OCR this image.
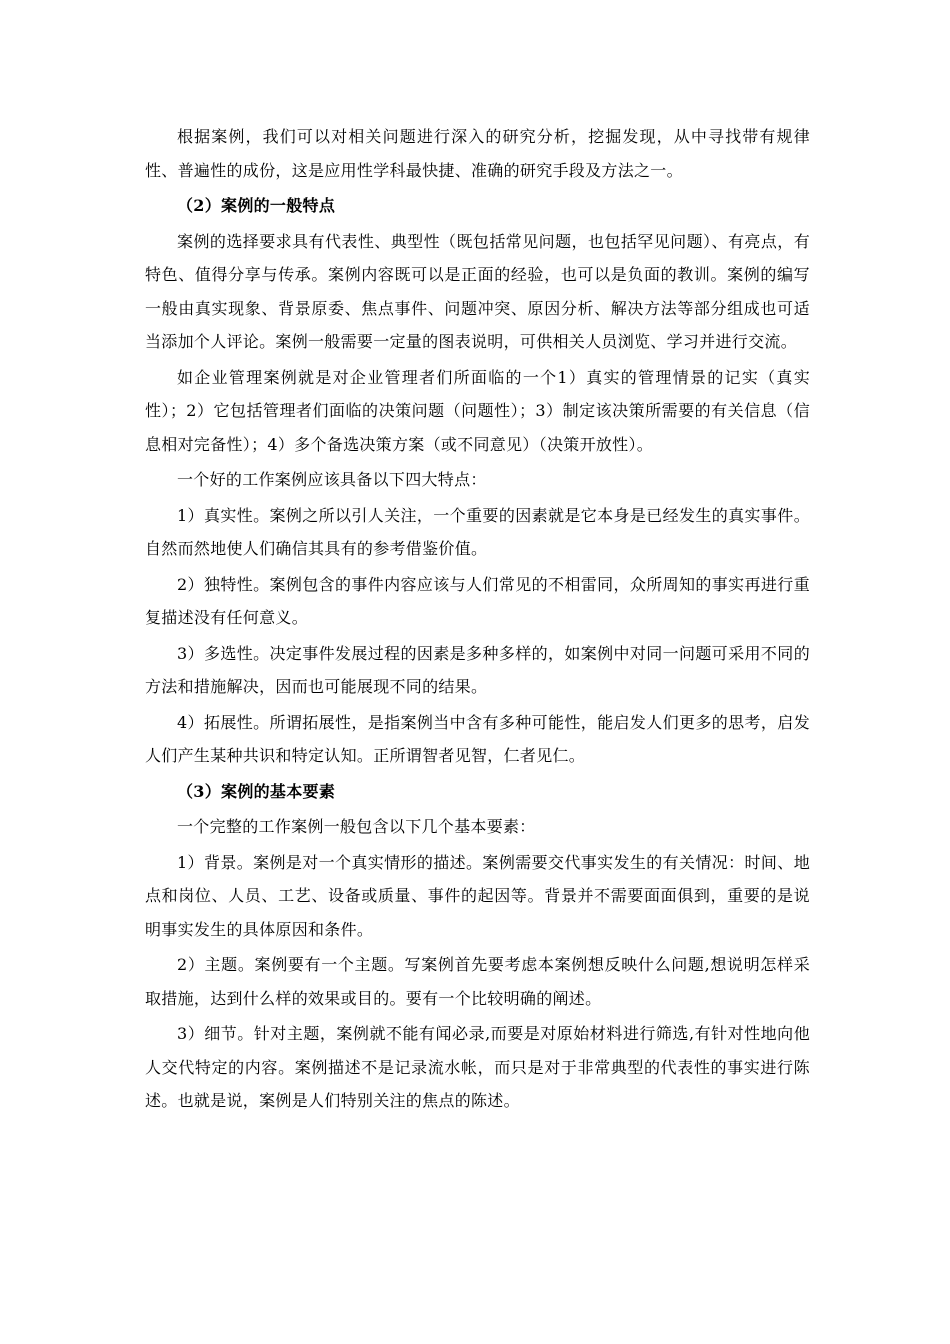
根据案例，我们可以对相关问题进行深入的研究分析，挖掘发现，从中寻找带有规律性、普遍性的成份，这是应用性学科最快捷、准确的研究手段及方法之一。

（2）案例的一般特点

案例的选择要求具有代表性、典型性（既包括常见问题，也包括罕见问题）、有亮点，有特色、值得分享与传承。案例内容既可以是正面的经验，也可以是负面的教训。案例的编写一般由真实现象、背景原委、焦点事件、问题冲突、原因分析、解决方法等部分组成也可适当添加个人评论。案例一般需要一定量的图表说明，可供相关人员浏览、学习并进行交流。

如企业管理案例就是对企业管理者们所面临的一个1）真实的管理情景的记实（真实性）；2）它包括管理者们面临的决策问题（问题性）；3）制定该决策所需要的有关信息（信息相对完备性）；4）多个备选决策方案（或不同意见）（决策开放性）。

一个好的工作案例应该具备以下四大特点：

1）真实性。案例之所以引人关注，一个重要的因素就是它本身是已经发生的真实事件。自然而然地使人们确信其具有的参考借鉴价值。

2）独特性。案例包含的事件内容应该与人们常见的不相雷同，众所周知的事实再进行重复描述没有任何意义。

3）多选性。决定事件发展过程的因素是多种多样的，如案例中对同一问题可采用不同的方法和措施解决，因而也可能展现不同的结果。

4）拓展性。所谓拓展性，是指案例当中含有多种可能性，能启发人们更多的思考，启发人们产生某种共识和特定认知。正所谓智者见智，仁者见仁。

（3）案例的基本要素

一个完整的工作案例一般包含以下几个基本要素：

1）背景。案例是对一个真实情形的描述。案例需要交代事实发生的有关情况：时间、地点和岗位、人员、工艺、设备或质量、事件的起因等。背景并不需要面面俱到，重要的是说明事实发生的具体原因和条件。

2）主题。案例要有一个主题。写案例首先要考虑本案例想反映什么问题,想说明怎样采取措施，达到什么样的效果或目的。要有一个比较明确的阐述。

3）细节。针对主题，案例就不能有闻必录,而要是对原始材料进行筛选,有针对性地向他人交代特定的内容。案例描述不是记录流水帐，而只是对于非常典型的代表性的事实进行陈述。也就是说，案例是人们特别关注的焦点的陈述。
